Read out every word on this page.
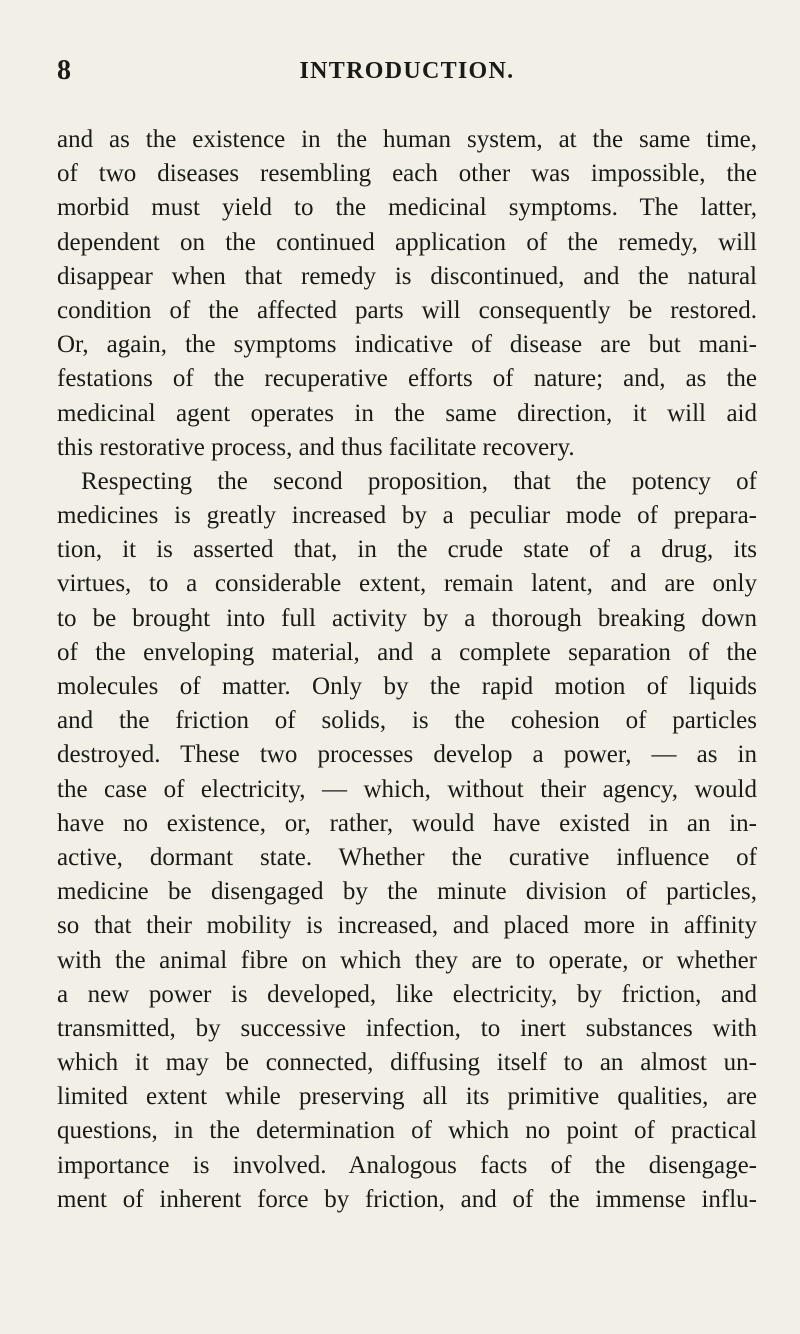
8	INTRODUCTION.
and as the existence in the human system, at the same time,
of two diseases resembling each other was impossible, the
morbid must yield to the medicinal symptoms. The latter,
dependent on the continued application of the remedy, will
disappear when that remedy is discontinued, and the natural
condition of the affected parts will consequently be restored.
Or, again, the symptoms indicative of disease are but mani-
festations of the recuperative efforts of nature; and, as the
medicinal agent operates in the same direction, it will aid
this restorative process, and thus facilitate recovery.
Respecting the second proposition, that the potency of
medicines is greatly increased by a peculiar mode of prepara-
tion, it is asserted that, in the crude state of a drug, its
virtues, to a considerable extent, remain latent, and are only
to be brought into full activity by a thorough breaking down
of the enveloping material, and a complete separation of the
molecules of matter. Only by the rapid motion of liquids
and the friction of solids, is the cohesion of particles
destroyed. These two processes develop a power, — as in
the case of electricity, — which, without their agency, would
have no existence, or, rather, would have existed in an in-
active, dormant state. Whether the curative influence of
medicine be disengaged by the minute division of particles,
so that their mobility is increased, and placed more in affinity
with the animal fibre on which they are to operate, or whether
a new power is developed, like electricity, by friction, and
transmitted, by successive infection, to inert substances with
which it may be connected, diffusing itself to an almost un-
limited extent while preserving all its primitive qualities, are
questions, in the determination of which no point of practical
importance is involved. Analogous facts of the disengage-
ment of inherent force by friction, and of the immense influ-
